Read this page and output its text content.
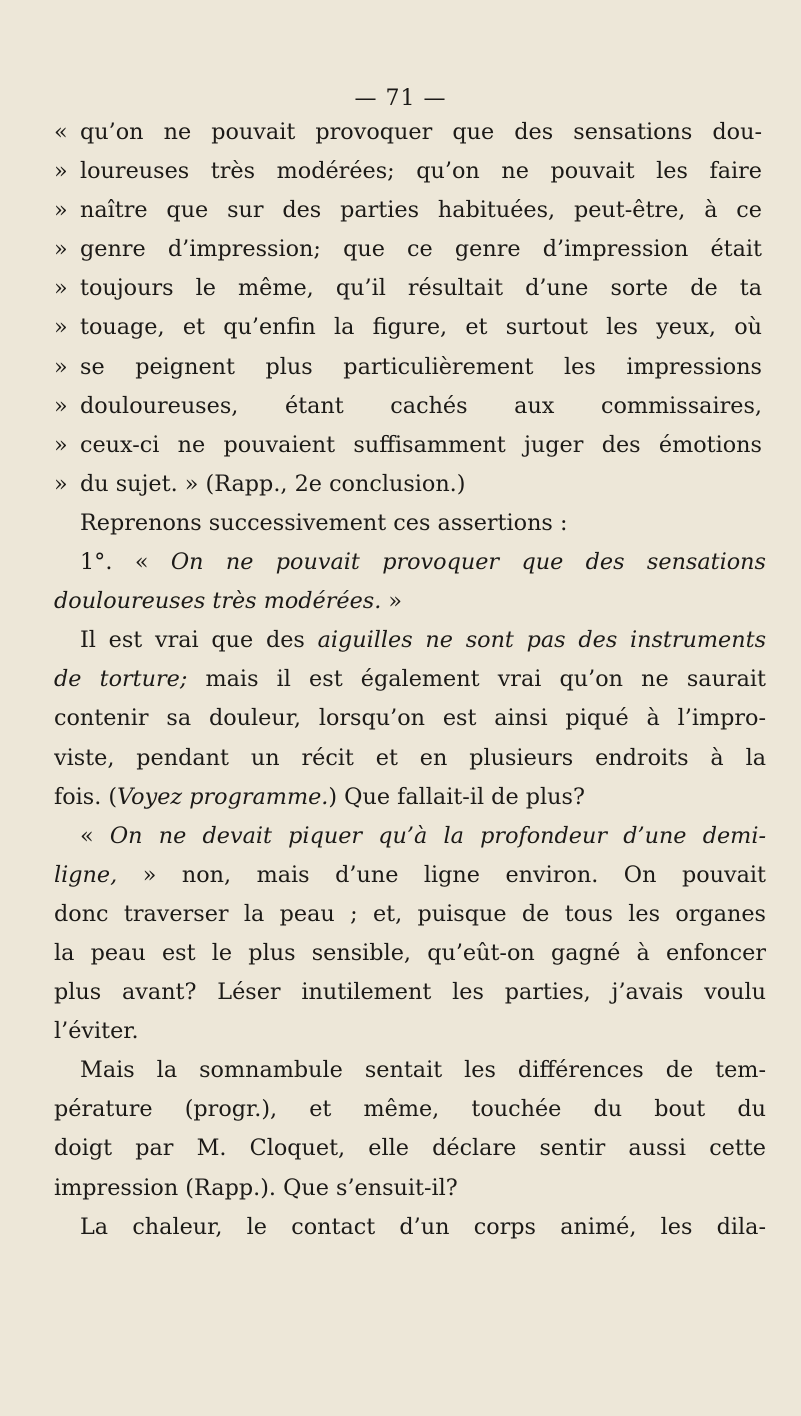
— 71 —
« qu’on ne pouvait provoquer que des sensations dou-
» loureuses très modérées; qu’on ne pouvait les faire
» naître que sur des parties habituées, peut-être, à ce
» genre d’impression; que ce genre d’impression était
» toujours le même, qu’il résultait d’une sorte de ta
» touage, et qu’enfin la figure, et surtout les yeux, où
» se peignent plus particulièrement les impressions
» douloureuses, étant cachés aux commissaires,
» ceux-ci ne pouvaient suffisamment juger des émotions
» du sujet. » (Rapp., 2e conclusion.)
Reprenons successivement ces assertions :
1°. « On ne pouvait provoquer que des sensations
douloureuses très modérées. »
Il est vrai que des aiguilles ne sont pas des instruments
de torture; mais il est également vrai qu’on ne saurait
contenir sa douleur, lorsqu’on est ainsi piqué à l’impro-
viste, pendant un récit et en plusieurs endroits à la
fois. (Voyez programme.) Que fallait-il de plus?
« On ne devait piquer qu’à la profondeur d’une demi-
ligne, » non, mais d’une ligne environ. On pouvait
donc traverser la peau ; et, puisque de tous les organes
la peau est le plus sensible, qu’eût-on gagné à enfoncer
plus avant? Léser inutilement les parties, j’avais voulu
l’éviter.
Mais la somnambule sentait les différences de tem-
pérature (progr.), et même, touchée du bout du
doigt par M. Cloquet, elle déclare sentir aussi cette
impression (Rapp.). Que s’ensuit-il?
La chaleur, le contact d’un corps animé, les dila-
